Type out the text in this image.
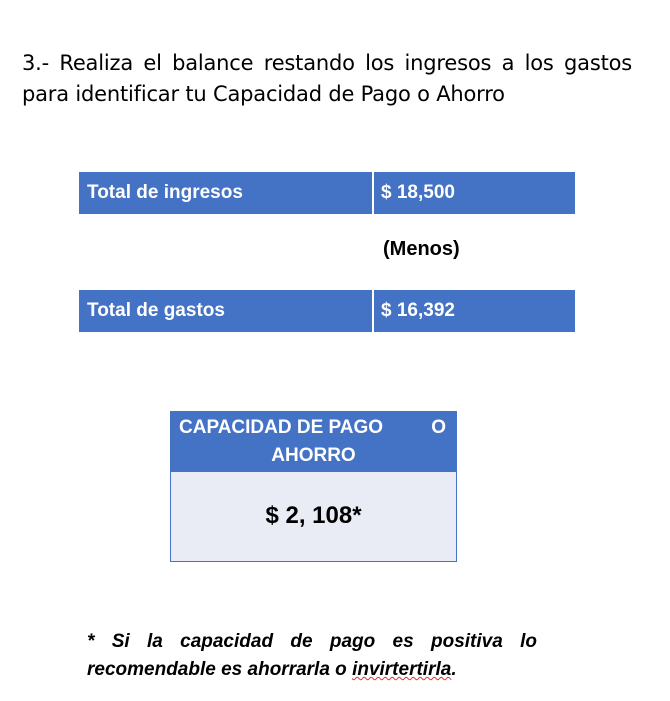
3.- Realiza el balance restando los ingresos a los gastos para identificar tu Capacidad de Pago o Ahorro
Total de ingresos	$ 18,500
(Menos)
Total de gastos	$ 16,392
CAPACIDAD DE PAGO	O
AHORRO
$ 2, 108*
* Si la capacidad de pago es positiva lo recomendable es ahorrarla o invirtertirla.
